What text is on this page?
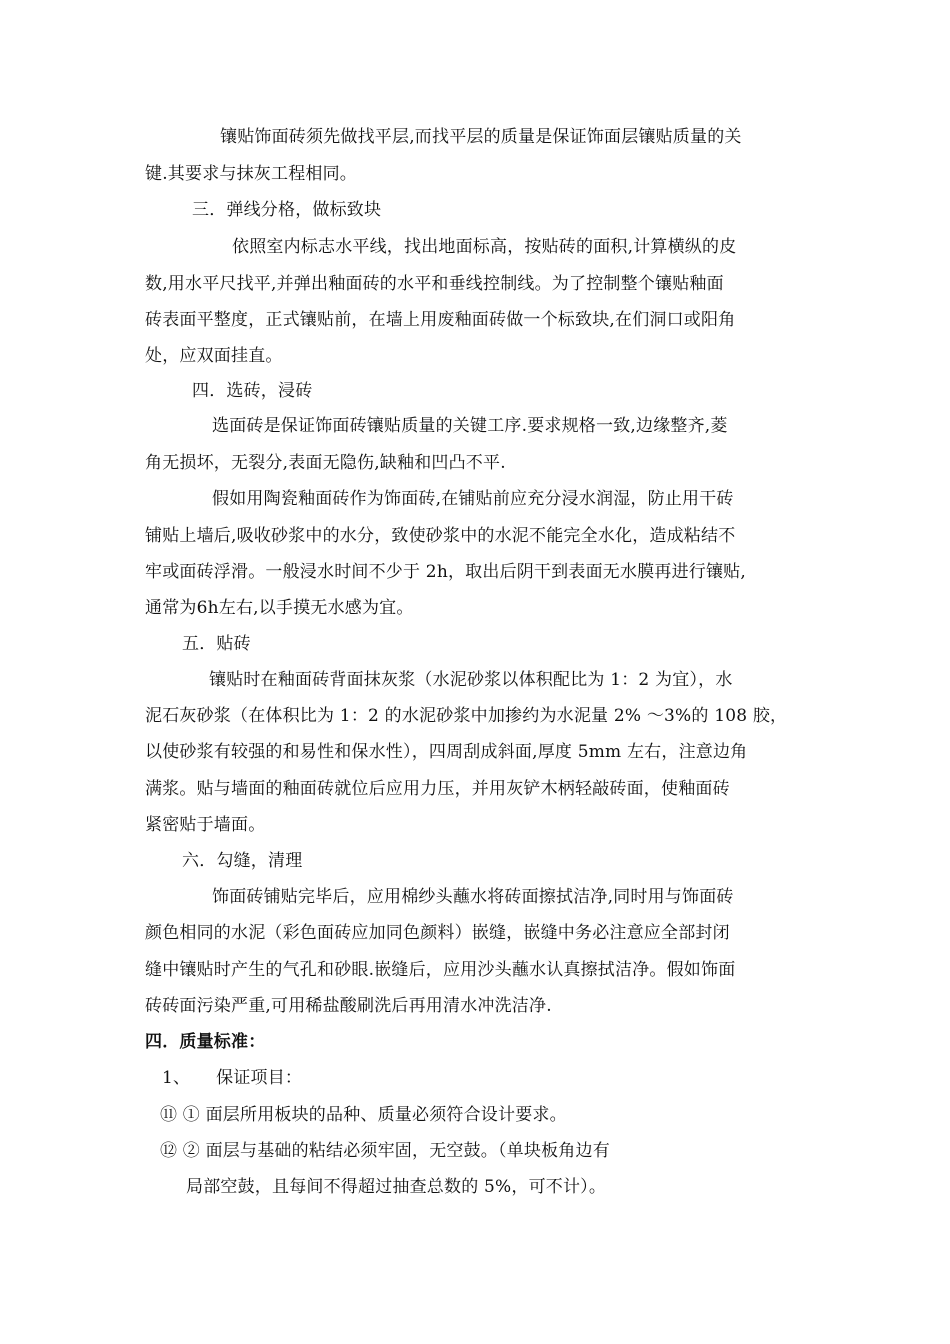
镶贴饰面砖须先做找平层,而找平层的质量是保证饰面层镶贴质量的关
键.其要求与抹灰工程相同。
三．弹线分格，做标致块
依照室内标志水平线，找出地面标高，按贴砖的面积,计算横纵的皮
数,用水平尺找平,并弹出釉面砖的水平和垂线控制线。为了控制整个镶贴釉面
砖表面平整度，正式镶贴前，在墙上用废釉面砖做一个标致块,在们洞口或阳角
处，应双面挂直。
四．选砖，浸砖
选面砖是保证饰面砖镶贴质量的关键工序.要求规格一致,边缘整齐,菱
角无损坏，无裂分,表面无隐伤,缺釉和凹凸不平.
假如用陶瓷釉面砖作为饰面砖,在铺贴前应充分浸水润湿，防止用干砖
铺贴上墙后,吸收砂浆中的水分，致使砂浆中的水泥不能完全水化，造成粘结不
牢或面砖浮滑。一般浸水时间不少于 2h，取出后阴干到表面无水膜再进行镶贴,
通常为6h左右,以手摸无水感为宜。
五．贴砖
镶贴时在釉面砖背面抹灰浆（水泥砂浆以体积配比为 1：2 为宜），水
泥石灰砂浆（在体积比为 1：2 的水泥砂浆中加掺约为水泥量 2% ～3%的 108 胶，
以使砂浆有较强的和易性和保水性），四周刮成斜面,厚度 5mm 左右，注意边角
满浆。贴与墙面的釉面砖就位后应用力压，并用灰铲木柄轻敲砖面，使釉面砖
紧密贴于墙面。
六．勾缝，清理
饰面砖铺贴完毕后，应用棉纱头蘸水将砖面擦拭洁净,同时用与饰面砖
颜色相同的水泥（彩色面砖应加同色颜料）嵌缝，嵌缝中务必注意应全部封闭
缝中镶贴时产生的气孔和砂眼.嵌缝后，应用沙头蘸水认真擦拭洁净。假如饰面
砖砖面污染严重,可用稀盐酸刷洗后再用清水冲洗洁净.
四．质量标准：
1、　　保证项目：
⑪ ① 面层所用板块的品种、质量必须符合设计要求。
⑫ ② 面层与基础的粘结必须牢固，无空鼓。（单块板角边有
局部空鼓，且每间不得超过抽查总数的 5%，可不计）。
